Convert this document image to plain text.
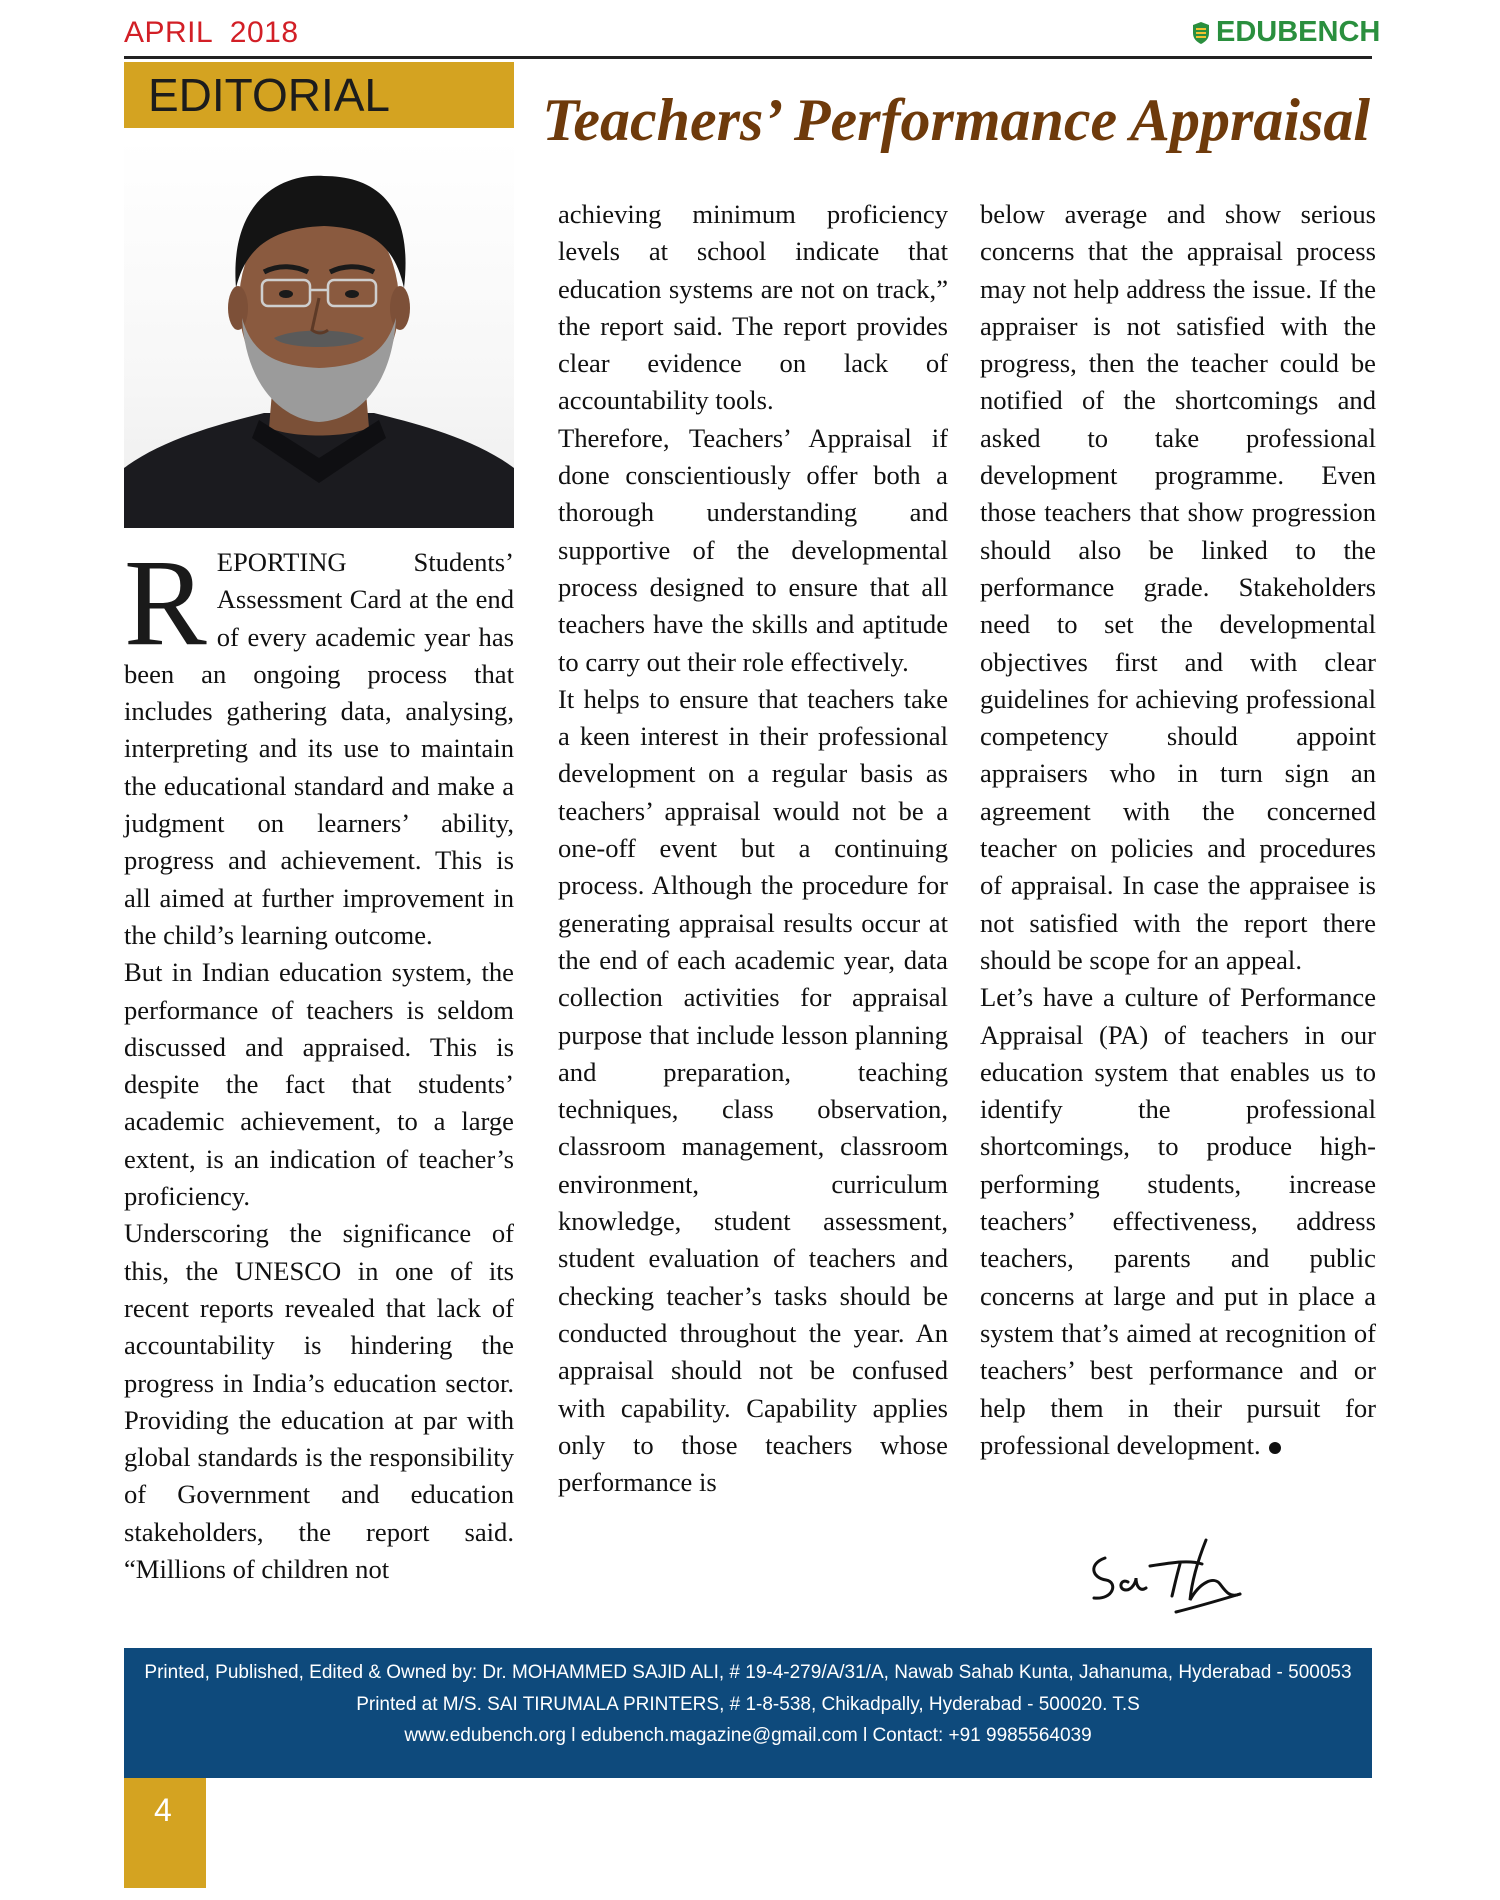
APRIL  2018	EDUBENCH
EDITORIAL	Teachers’ Performance Appraisal
R EPORTING Students’ Assessment Card at the end of every academic year has been an ongoing process that includes gathering data, analysing, interpreting and its use to maintain the educational standard and make a judgment on learners’ ability, progress and achievement. This is all aimed at further improvement in the child’s learning outcome.

But in Indian education system, the performance of teachers is seldom discussed and appraised. This is despite the fact that students’ academic achievement, to a large extent, is an indication of teacher’s proficiency.

Underscoring the significance of this, the UNESCO in one of its recent reports revealed that lack of accountability is hindering the progress in India’s education sector. Providing the education at par with global standards is the responsibility of Government and education stakeholders, the report said. “Millions of children not

achieving minimum proficiency levels at school indicate that education systems are not on track,” the report said. The report provides clear evidence on lack of accountability tools.

Therefore, Teachers’ Appraisal if done conscientiously offer both a thorough understanding and supportive of the developmental process designed to ensure that all teachers have the skills and aptitude to carry out their role effectively.

It helps to ensure that teachers take a keen interest in their professional development on a regular basis as teachers’ appraisal would not be a one-off event but a continuing process. Although the procedure for generating appraisal results occur at the end of each academic year, data collection activities for appraisal purpose that include lesson planning and preparation, teaching techniques, class observation, classroom management, classroom environment, curriculum knowledge, student assessment, student evaluation of teachers and checking teacher’s tasks should be conducted throughout the year. An appraisal should not be confused with capability. Capability applies only to those teachers whose performance is

below average and show serious concerns that the appraisal process may not help address the issue. If the appraiser is not satisfied with the progress, then the teacher could be notified of the shortcomings and asked to take professional development programme. Even those teachers that show progression should also be linked to the performance grade. Stakeholders need to set the developmental objectives first and with clear guidelines for achieving professional competency should appoint appraisers who in turn sign an agreement with the concerned teacher on policies and procedures of appraisal. In case the appraisee is not satisfied with the report there should be scope for an appeal.

Let’s have a culture of Performance Appraisal (PA) of teachers in our education system that enables us to identify the professional shortcomings, to produce high-performing students, increase teachers’ effectiveness, address teachers, parents and public concerns at large and put in place a system that’s aimed at recognition of teachers’ best performance and or help them in their pursuit for professional development.

Printed, Published, Edited & Owned by: Dr. MOHAMMED SAJID ALI, # 19-4-279/A/31/A, Nawab Sahab Kunta, Jahanuma, Hyderabad - 500053
Printed at M/S. SAI TIRUMALA PRINTERS, # 1-8-538, Chikadpally, Hyderabad - 500020. T.S
www.edubench.org l edubench.magazine@gmail.com l Contact: +91 9985564039
4
